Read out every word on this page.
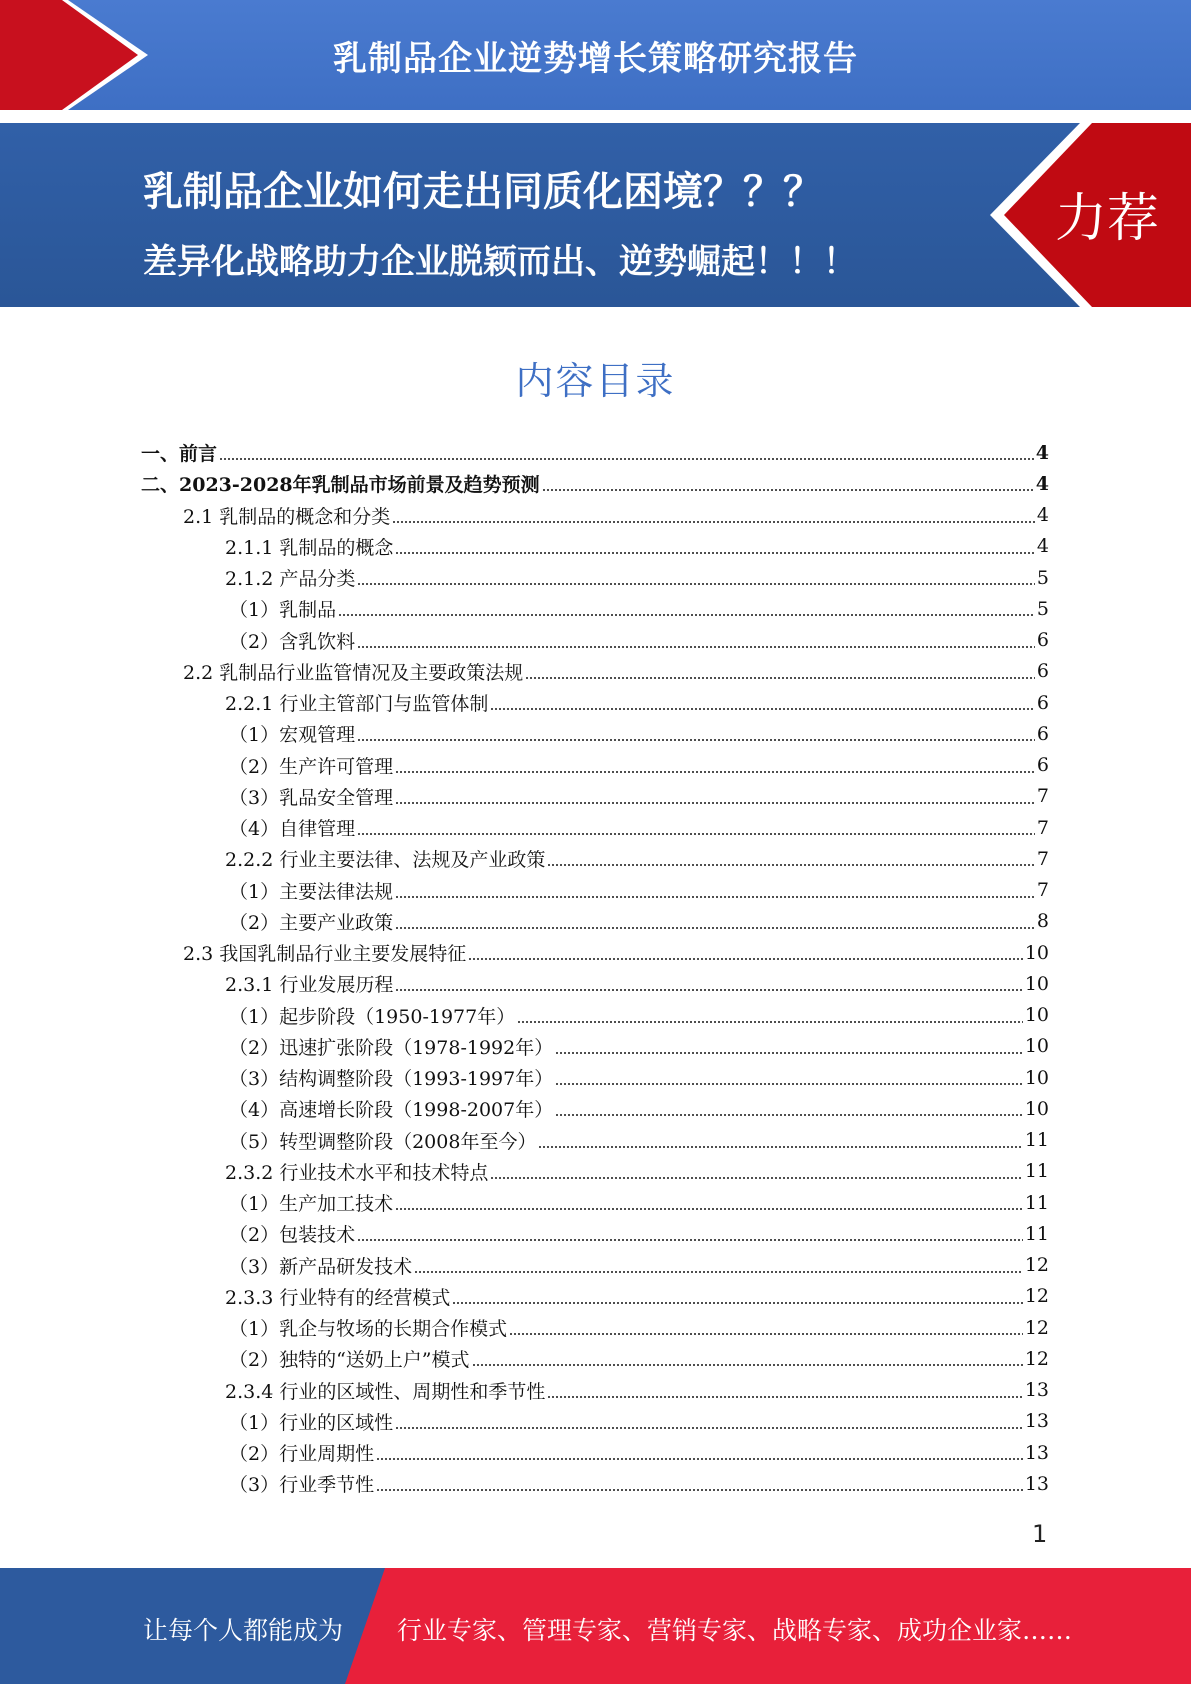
乳制品企业逆势增长策略研究报告
乳制品企业如何走出同质化困境？？？
差异化战略助力企业脱颖而出、逆势崛起！！！
力荐
内容目录
一、前言	4
二、2023-2028年乳制品市场前景及趋势预测	4
2.1 乳制品的概念和分类	4
2.1.1 乳制品的概念	4
2.1.2 产品分类	5
（1）乳制品	5
（2）含乳饮料	6
2.2 乳制品行业监管情况及主要政策法规	6
2.2.1 行业主管部门与监管体制	6
（1）宏观管理	6
（2）生产许可管理	6
（3）乳品安全管理	7
（4）自律管理	7
2.2.2 行业主要法律、法规及产业政策	7
（1）主要法律法规	7
（2）主要产业政策	8
2.3 我国乳制品行业主要发展特征	10
2.3.1 行业发展历程	10
（1）起步阶段（1950-1977年）	10
（2）迅速扩张阶段（1978-1992年）	10
（3）结构调整阶段（1993-1997年）	10
（4）高速增长阶段（1998-2007年）	10
（5）转型调整阶段（2008年至今）	11
2.3.2 行业技术水平和技术特点	11
（1）生产加工技术	11
（2）包装技术	11
（3）新产品研发技术	12
2.3.3 行业特有的经营模式	12
（1）乳企与牧场的长期合作模式	12
（2）独特的“送奶上户”模式	12
2.3.4 行业的区域性、周期性和季节性	13
（1）行业的区域性	13
（2）行业周期性	13
（3）行业季节性	13
1
让每个人都能成为 行业专家、管理专家、营销专家、战略专家、成功企业家……
